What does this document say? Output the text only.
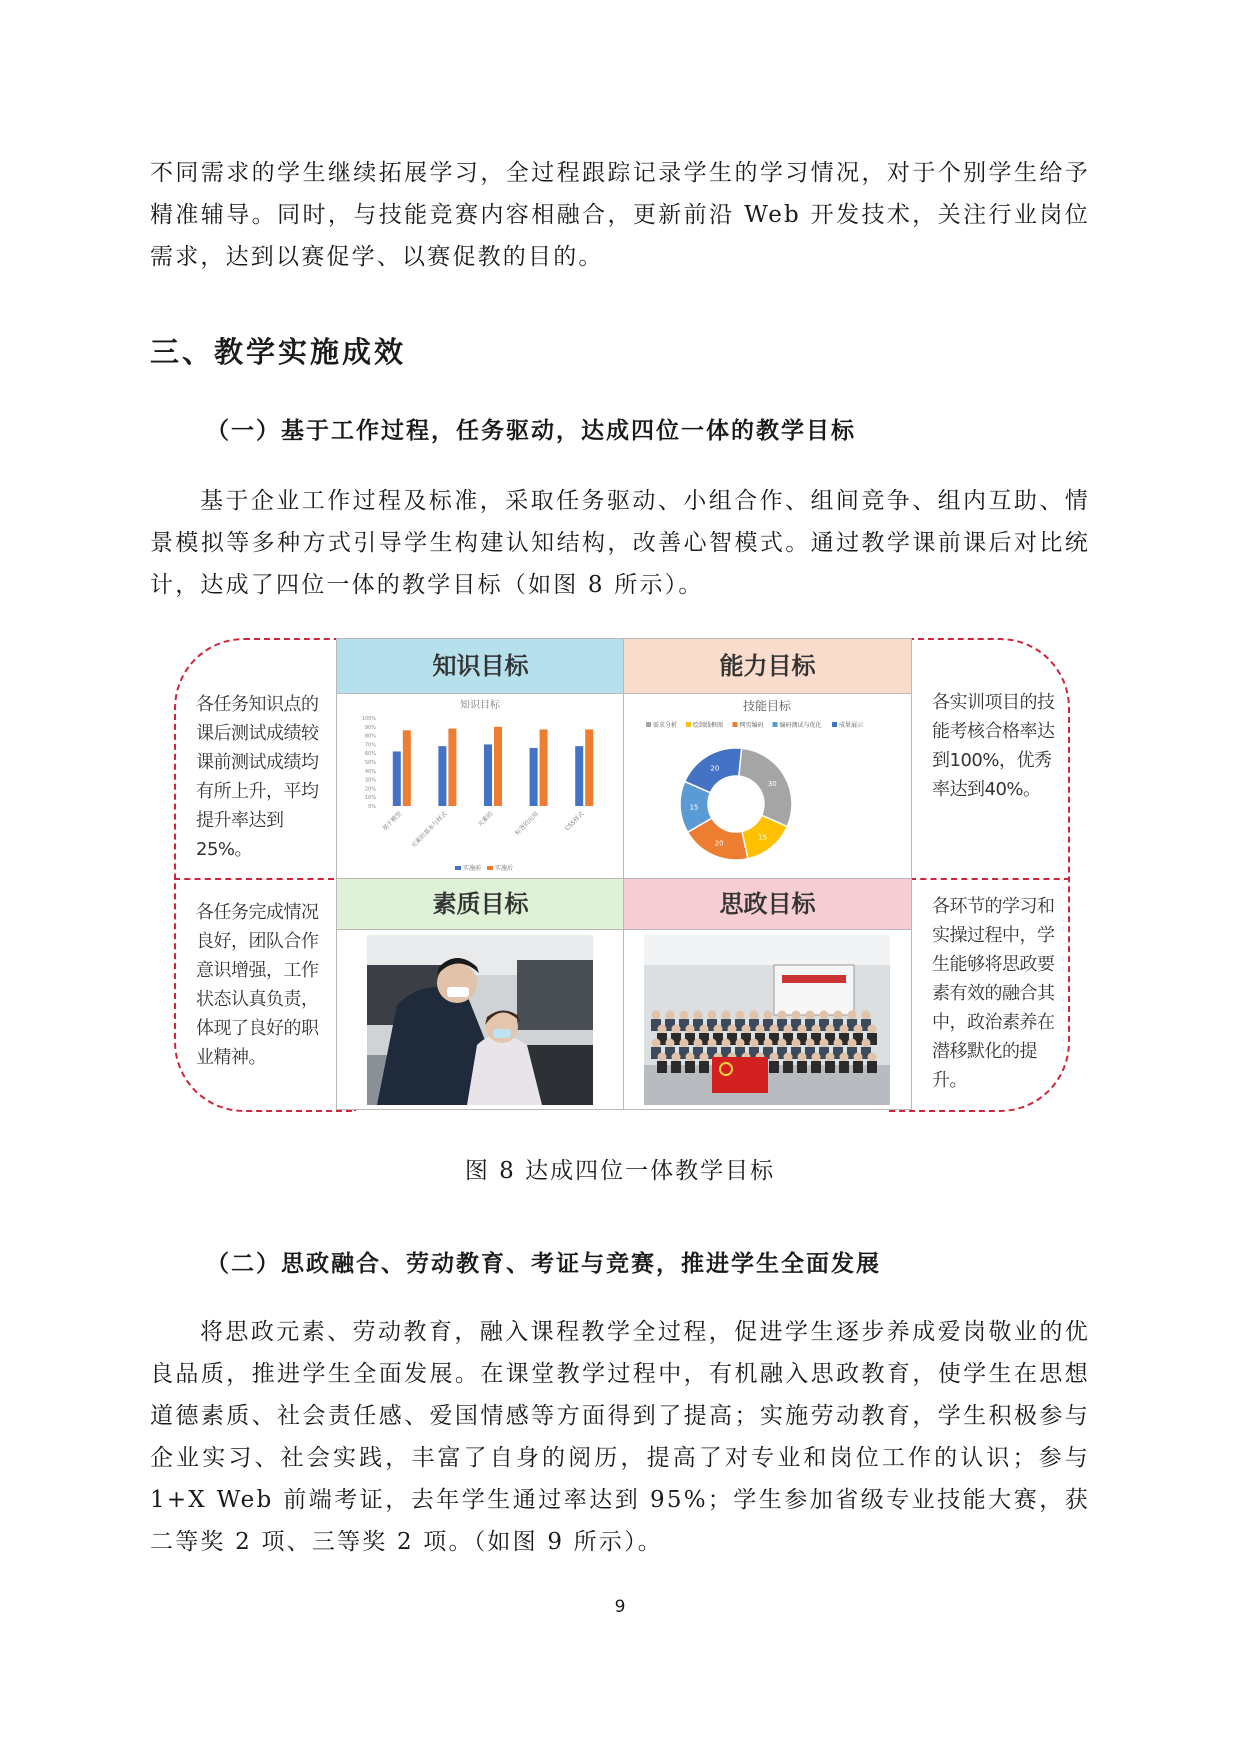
不同需求的学生继续拓展学习，全过程跟踪记录学生的学习情况，对于个别学生给予精准辅导。同时，与技能竞赛内容相融合，更新前沿 Web 开发技术，关注行业岗位需求，达到以赛促学、以赛促教的目的。

三、教学实施成效
（一）基于工作过程，任务驱动，达成四位一体的教学目标

基于企业工作过程及标准，采取任务驱动、小组合作、组间竞争、组内互助、情景模拟等多种方式引导学生构建认知结构，改善心智模式。通过教学课前课后对比统计，达成了四位一体的教学目标（如图 8 所示）。

各任务知识点的课后测试成绩较课前测试成绩均有所上升，平均提升率达到25%。
各任务完成情况良好，团队合作意识增强，工作状态认真负责，体现了良好的职业精神。
各实训项目的技能考核合格率达到100%，优秀率达到40%。
各环节的学习和实操过程中，学生能够将思政要素有效的融合其中，政治素养在潜移默化的提升。
知识目标
知识目标
100%
90%
80%
70%
60%
50%
40%
30%
20%
10%
0%
基于模型 元素的基本与样式	元素的	标签的应用	CSS样式
实施前 实施后
能力目标
技能目标
需求分析	绘制线框图	网页编码	编码测试与优化	成果展示
30
15
20
15
20
素质目标	思政目标
图 8 达成四位一体教学目标
（二）思政融合、劳动教育、考证与竞赛，推进学生全面发展

将思政元素、劳动教育，融入课程教学全过程，促进学生逐步养成爱岗敬业的优良品质，推进学生全面发展。在课堂教学过程中，有机融入思政教育，使学生在思想道德素质、社会责任感、爱国情感等方面得到了提高；实施劳动教育，学生积极参与企业实习、社会实践，丰富了自身的阅历，提高了对专业和岗位工作的认识；参与 1+X Web 前端考证，去年学生通过率达到 95%；学生参加省级专业技能大赛，获二等奖 2 项、三等奖 2 项。（如图 9 所示）。

9
